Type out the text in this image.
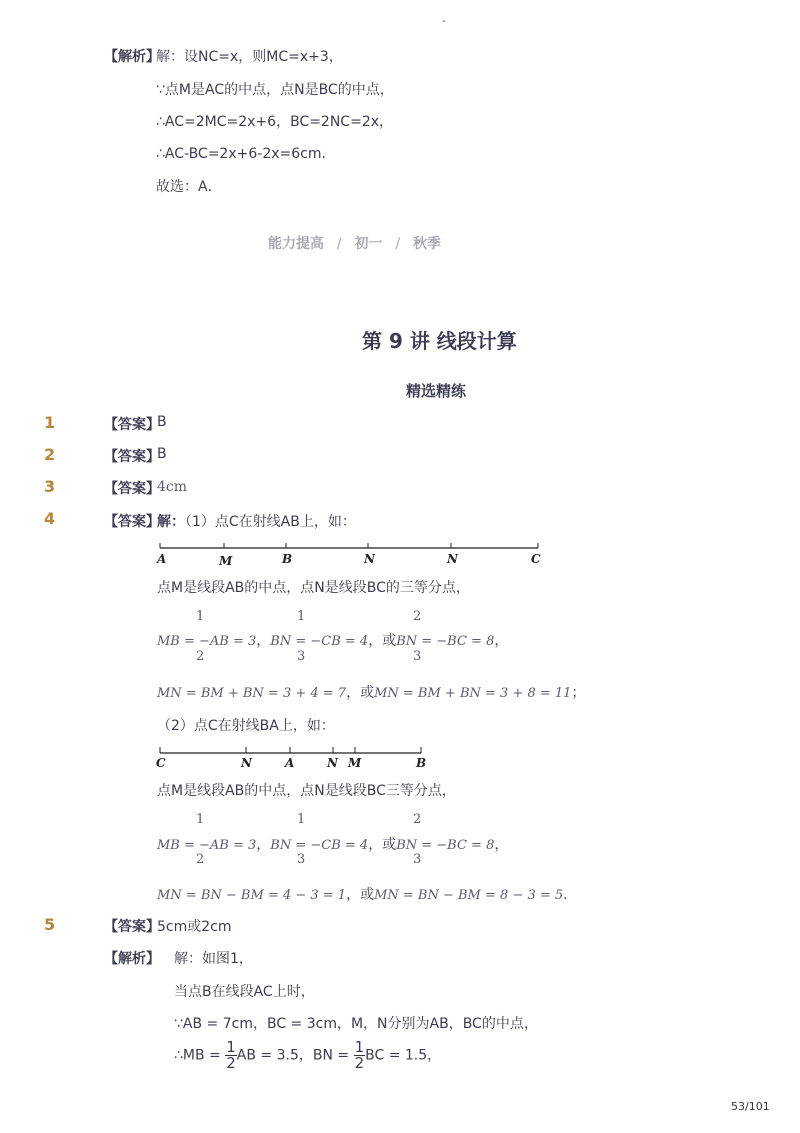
-
【解析】
解：设NC=x，则MC=x+3，
∵点M是AC的中点，点N是BC的中点，
∴AC=2MC=2x+6，BC=2NC=2x，
∴AC-BC=2x+6-2x=6cm．
故选：A．
能力提高 / 初一 / 秋季
第 9 讲 线段计算
精选精练
1	【答案】
B
2	【答案】
B
3	【答案】
4cm
4	【答案】
解：（1）点C在射线AB上，如：
A	M	B	N	N	C
点M是线段AB的中点，点N是线段BC的三等分点，
1
2
1
3
2
3
MB = −AB = 3，BN = −CB = 4，或BN = −BC = 8，
MN = BM + BN = 3 + 4 = 7，或MN = BM + BN = 3 + 8 = 11；
（2）点C在射线BA上，如：
C	N	A	N M	B
点M是线段AB的中点，点N是线段BC三等分点，
1
2
1
3
2
3
MB = −AB = 3，BN = −CB = 4，或BN = −BC = 8，
MN = BN − BM = 4 − 3 = 1，或MN = BN − BM = 8 − 3 = 5．
5	【答案】
5cm或2cm
【解析】 解：如图1，
当点B在线段AC上时，
∵AB = 7cm，BC = 3cm，M，N分别为AB，BC的中点，
∴MB = $\frac{1}{2}$ AB = 3.5，BN = $\frac{1}{2}$ BC = 1.5，
53/101
